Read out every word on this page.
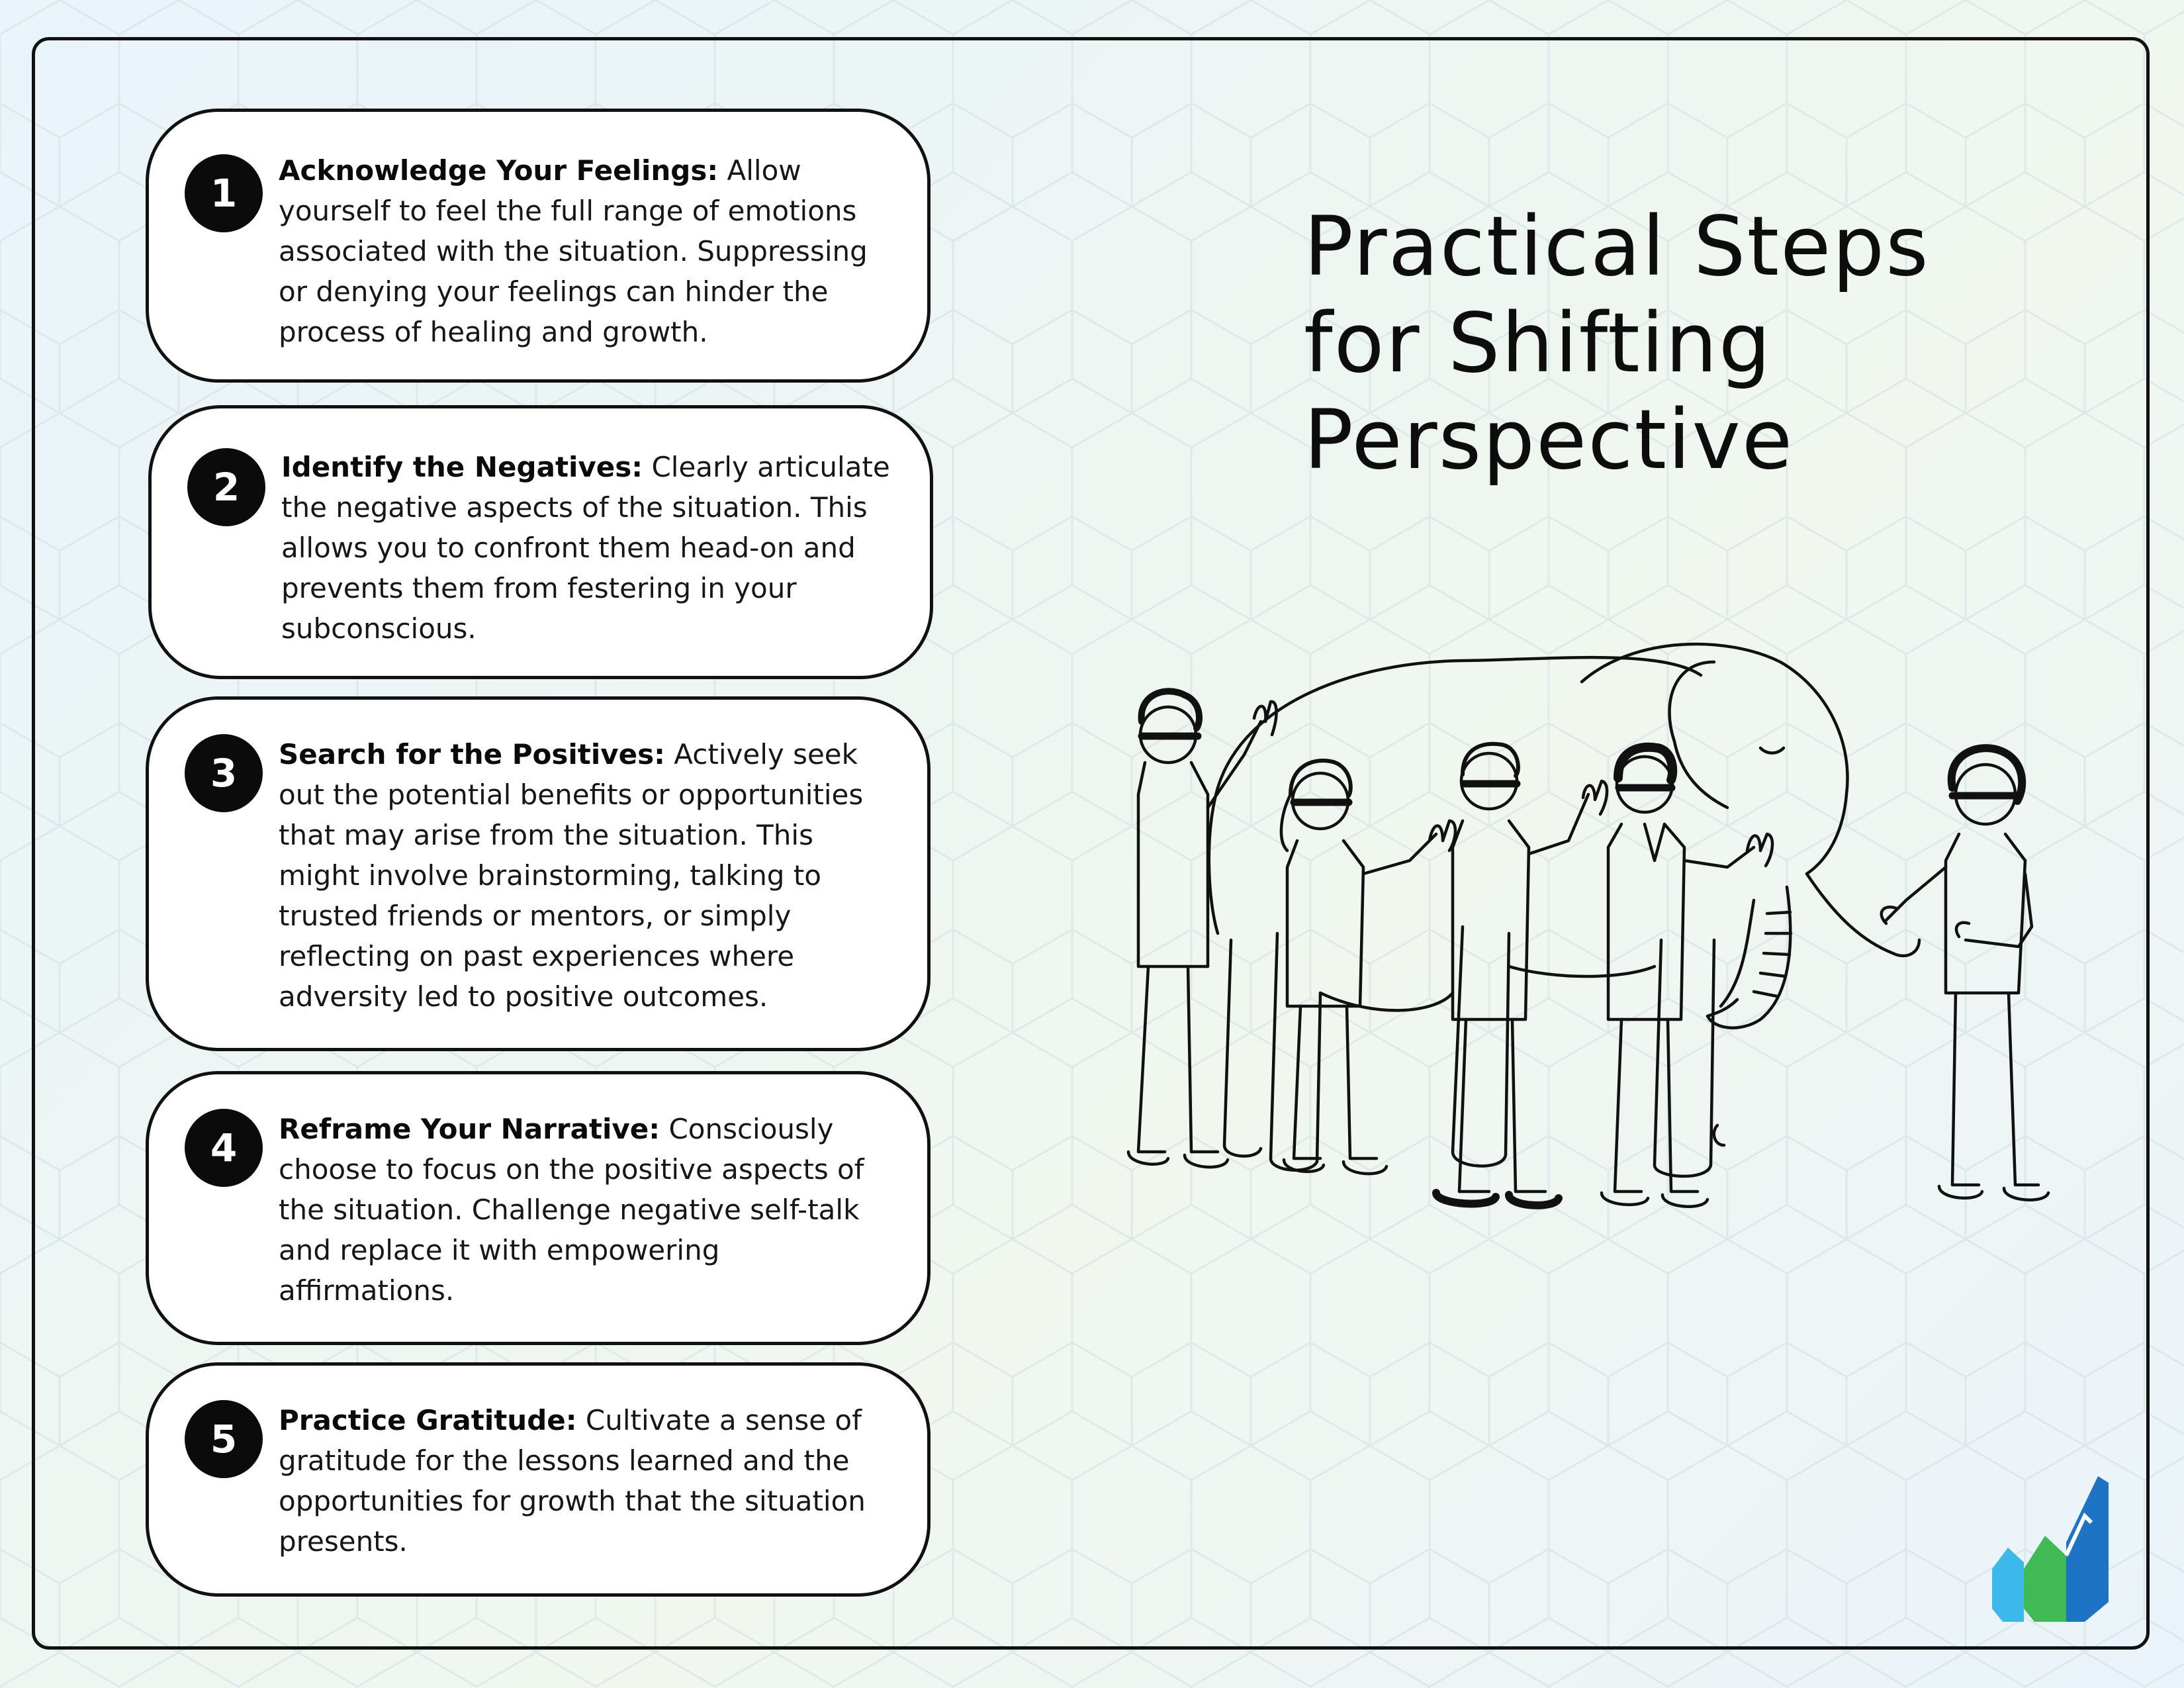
1
Acknowledge Your Feelings: Allow yourself to feel the full range of emotions associated with the situation. Suppressing or denying your feelings can hinder the process of healing and growth.
2	Identify the Negatives: Clearly articulate the negative aspects of the situation. This allows you to confront them head-on and prevents them from festering in your subconscious.
3	Search for the Positives: Actively seek out the potential benefits or opportunities that may arise from the situation. This might involve brainstorming, talking to trusted friends or mentors, or simply reflecting on past experiences where adversity led to positive outcomes.
4	Reframe Your Narrative: Consciously choose to focus on the positive aspects of the situation. Challenge negative self-talk and replace it with empowering affirmations.
5	Practice Gratitude: Cultivate a sense of gratitude for the lessons learned and the opportunities for growth that the situation presents.
Practical Steps for Shifting Perspective
